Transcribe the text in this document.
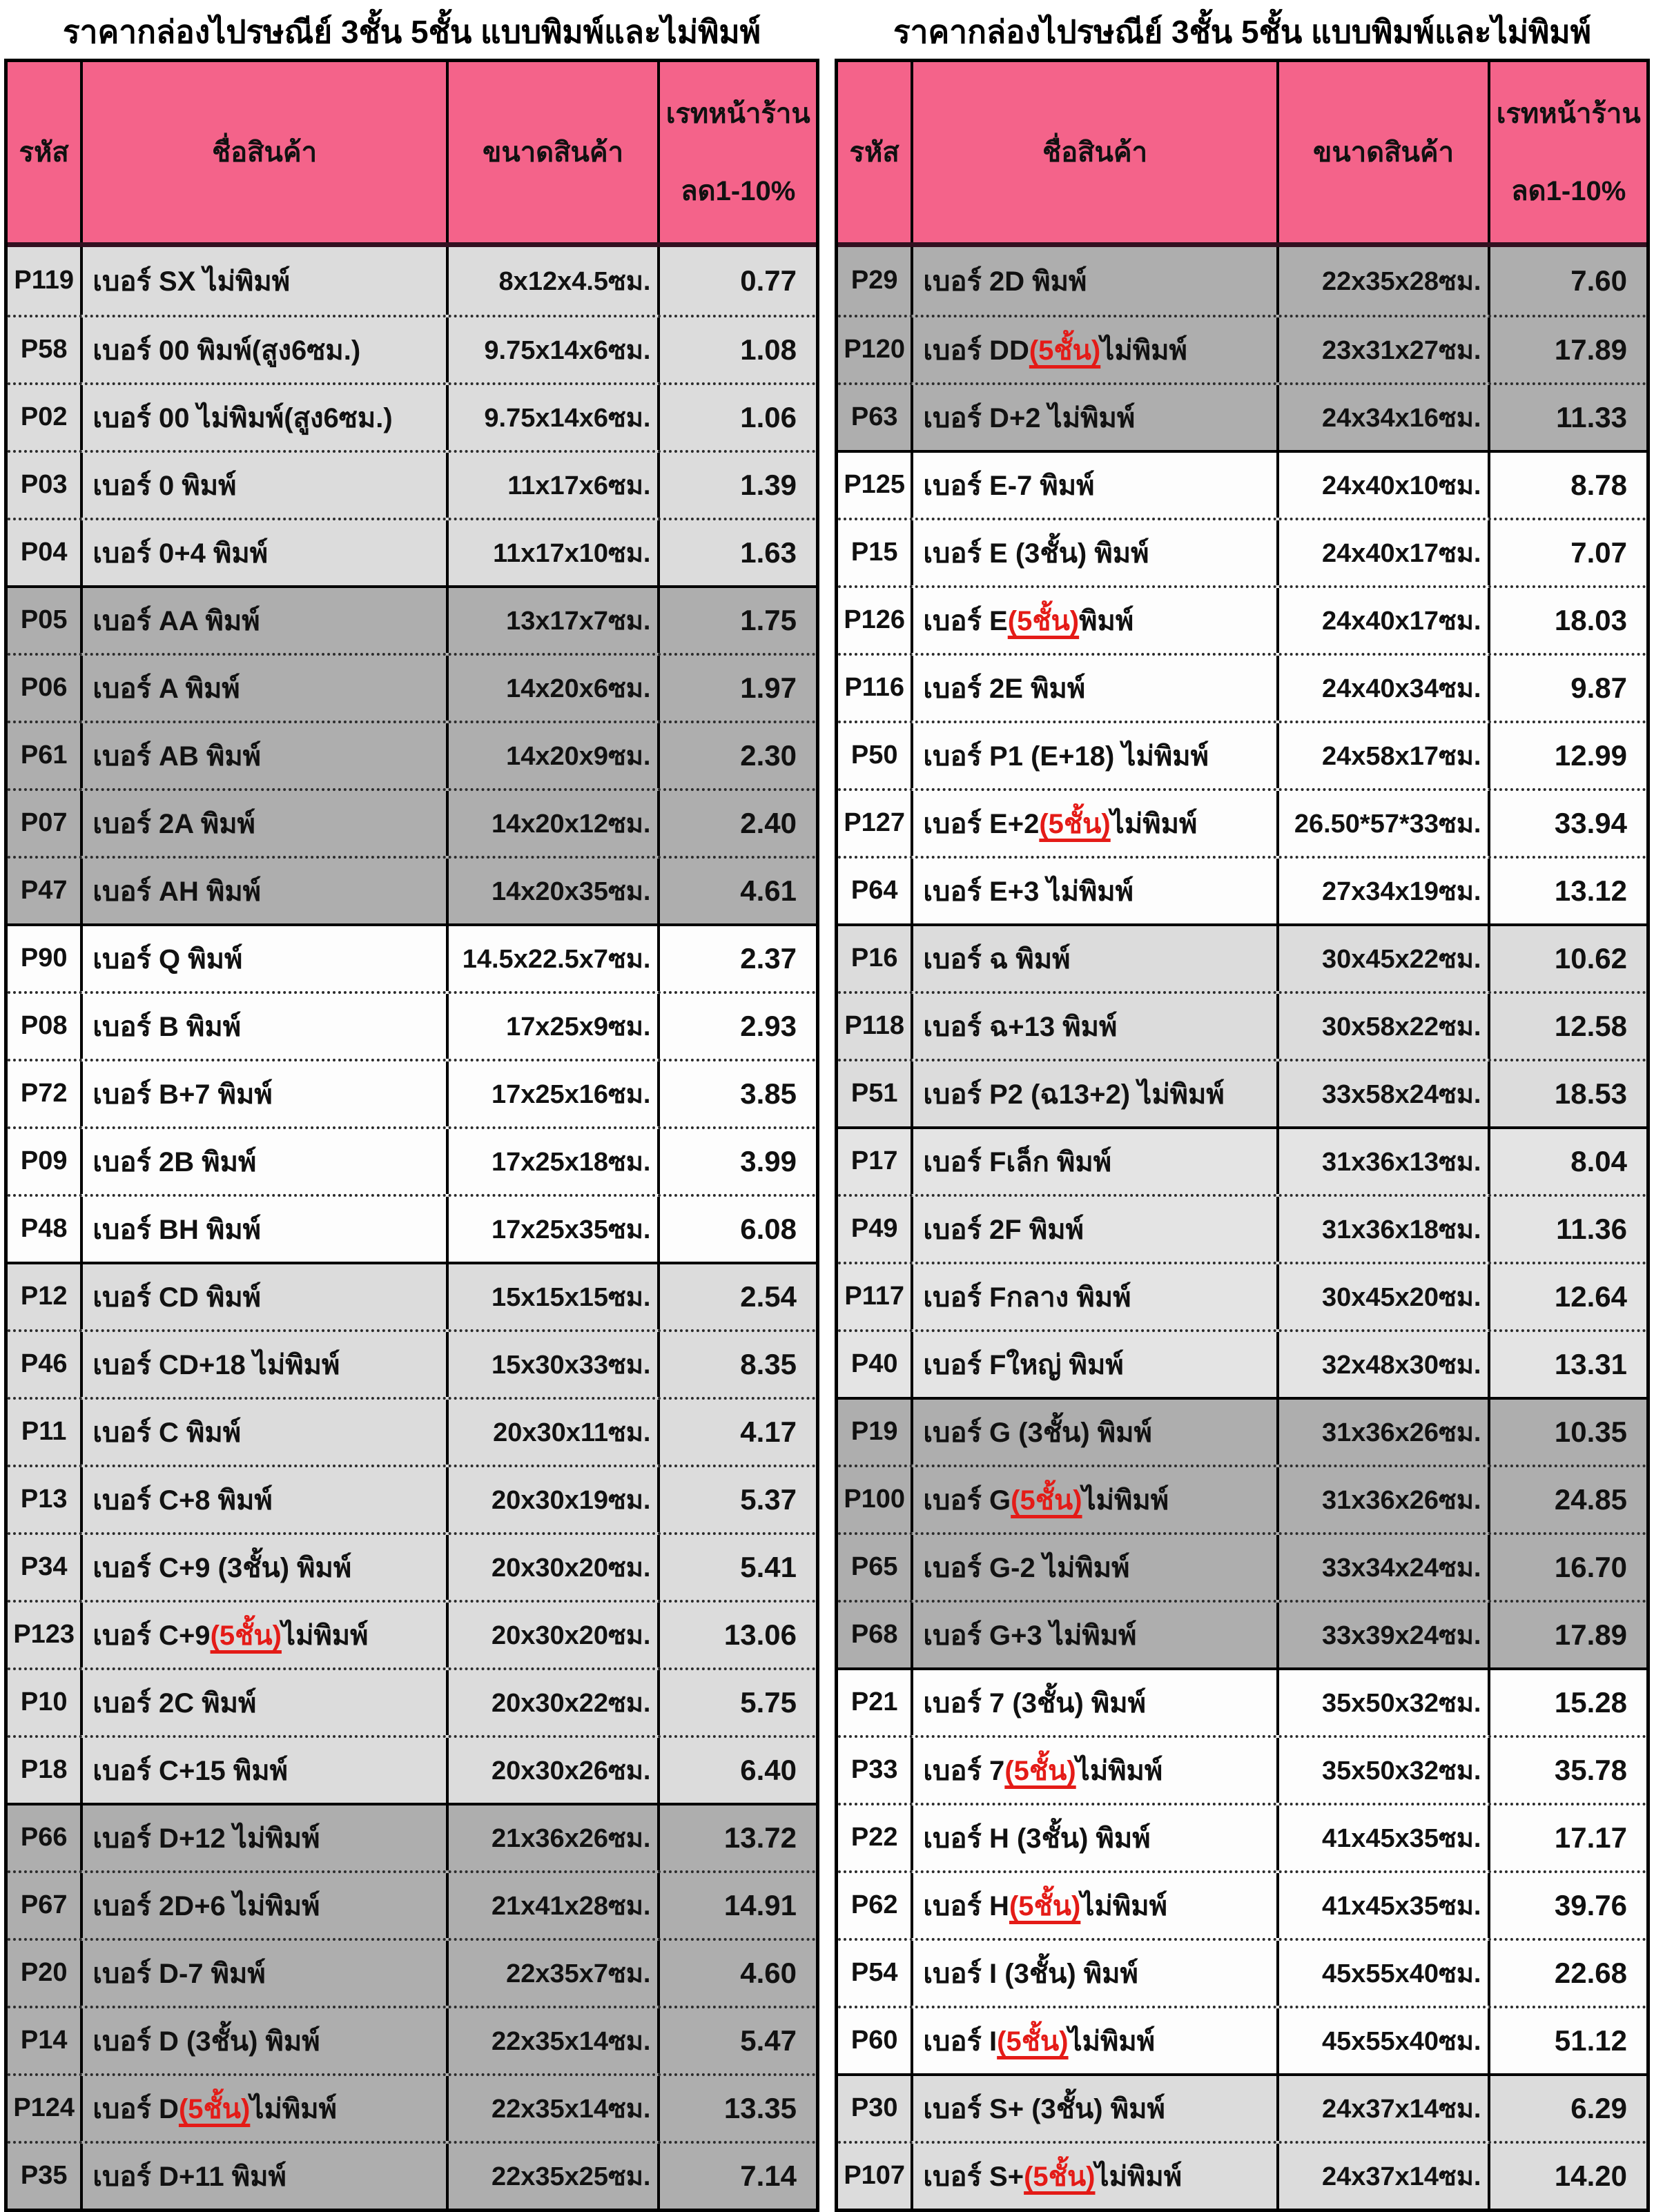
ราคากล่องไปรษณีย์ 3ชั้น 5ชั้น แบบพิมพ์และไม่พิมพ์
รหัส	ชื่อสินค้า	ขนาดสินค้า
เรทหน้าร้าน
ลด1-10%
P119 เบอร์ SX ไม่พิมพ์	8x12x4.5ซม.	0.77
P58 เบอร์ 00 พิมพ์(สูง6ซม.)	9.75x14x6ซม.	1.08
P02 เบอร์ 00 ไม่พิมพ์(สูง6ซม.)	9.75x14x6ซม.	1.06
P03 เบอร์ 0 พิมพ์	11x17x6ซม.	1.39
P04 เบอร์ 0+4 พิมพ์	11x17x10ซม.	1.63
P05 เบอร์ AA พิมพ์	13x17x7ซม.	1.75
P06 เบอร์ A พิมพ์	14x20x6ซม.	1.97
P61 เบอร์ AB พิมพ์	14x20x9ซม.	2.30
P07 เบอร์ 2A พิมพ์	14x20x12ซม.	2.40
P47 เบอร์ AH พิมพ์	14x20x35ซม.	4.61
P90 เบอร์ Q พิมพ์	14.5x22.5x7ซม.	2.37
P08 เบอร์ B พิมพ์	17x25x9ซม.	2.93
P72 เบอร์ B+7 พิมพ์	17x25x16ซม.	3.85
P09 เบอร์ 2B พิมพ์	17x25x18ซม.	3.99
P48 เบอร์ BH พิมพ์	17x25x35ซม.	6.08
P12 เบอร์ CD พิมพ์	15x15x15ซม.	2.54
P46 เบอร์ CD+18 ไม่พิมพ์	15x30x33ซม.	8.35
P11 เบอร์ C พิมพ์	20x30x11ซม.	4.17
P13 เบอร์ C+8 พิมพ์	20x30x19ซม.	5.37
P34 เบอร์ C+9 (3ชั้น) พิมพ์	20x30x20ซม.	5.41
P123 เบอร์ C+9 (5ชั้น) ไม่พิมพ์	20x30x20ซม.	13.06
P10 เบอร์ 2C พิมพ์	20x30x22ซม.	5.75
P18 เบอร์ C+15 พิมพ์	20x30x26ซม.	6.40
P66 เบอร์ D+12 ไม่พิมพ์	21x36x26ซม.	13.72
P67 เบอร์ 2D+6 ไม่พิมพ์	21x41x28ซม.	14.91
P20 เบอร์ D-7 พิมพ์	22x35x7ซม.	4.60
P14 เบอร์ D (3ชั้น) พิมพ์	22x35x14ซม.	5.47
P124 เบอร์ D (5ชั้น) ไม่พิมพ์	22x35x14ซม.	13.35
P35 เบอร์ D+11 พิมพ์	22x35x25ซม.	7.14
ราคากล่องไปรษณีย์ 3ชั้น 5ชั้น แบบพิมพ์และไม่พิมพ์
รหัส	ชื่อสินค้า	ขนาดสินค้า
เรทหน้าร้าน
ลด1-10%
P29 เบอร์ 2D พิมพ์	22x35x28ซม.	7.60
P120 เบอร์ DD (5ชั้น) ไม่พิมพ์	23x31x27ซม.	17.89
P63 เบอร์ D+2 ไม่พิมพ์	24x34x16ซม.	11.33
P125 เบอร์ E-7 พิมพ์	24x40x10ซม.	8.78
P15 เบอร์ E (3ชั้น) พิมพ์	24x40x17ซม.	7.07
P126 เบอร์ E (5ชั้น) พิมพ์	24x40x17ซม.	18.03
P116 เบอร์ 2E พิมพ์	24x40x34ซม.	9.87
P50 เบอร์ P1 (E+18) ไม่พิมพ์	24x58x17ซม.	12.99
P127 เบอร์ E+2 (5ชั้น) ไม่พิมพ์	26.50*57*33ซม.	33.94
P64 เบอร์ E+3 ไม่พิมพ์	27x34x19ซม.	13.12
P16 เบอร์ ฉ พิมพ์	30x45x22ซม.	10.62
P118 เบอร์ ฉ+13 พิมพ์	30x58x22ซม.	12.58
P51 เบอร์ P2 (ฉ13+2) ไม่พิมพ์	33x58x24ซม.	18.53
P17 เบอร์ Fเล็ก พิมพ์	31x36x13ซม.	8.04
P49 เบอร์ 2F พิมพ์	31x36x18ซม.	11.36
P117 เบอร์ Fกลาง พิมพ์	30x45x20ซม.	12.64
P40 เบอร์ Fใหญ่ พิมพ์	32x48x30ซม.	13.31
P19 เบอร์ G (3ชั้น) พิมพ์	31x36x26ซม.	10.35
P100 เบอร์ G (5ชั้น) ไม่พิมพ์	31x36x26ซม.	24.85
P65 เบอร์ G-2 ไม่พิมพ์	33x34x24ซม.	16.70
P68 เบอร์ G+3 ไม่พิมพ์	33x39x24ซม.	17.89
P21 เบอร์ 7 (3ชั้น) พิมพ์	35x50x32ซม.	15.28
P33 เบอร์ 7 (5ชั้น) ไม่พิมพ์	35x50x32ซม.	35.78
P22 เบอร์ H (3ชั้น) พิมพ์	41x45x35ซม.	17.17
P62 เบอร์ H (5ชั้น) ไม่พิมพ์	41x45x35ซม.	39.76
P54 เบอร์ I (3ชั้น) พิมพ์	45x55x40ซม.	22.68
P60 เบอร์ I (5ชั้น) ไม่พิมพ์	45x55x40ซม.	51.12
P30 เบอร์ S+ (3ชั้น) พิมพ์	24x37x14ซม.	6.29
P107 เบอร์ S+ (5ชั้น) ไม่พิมพ์	24x37x14ซม.	14.20
